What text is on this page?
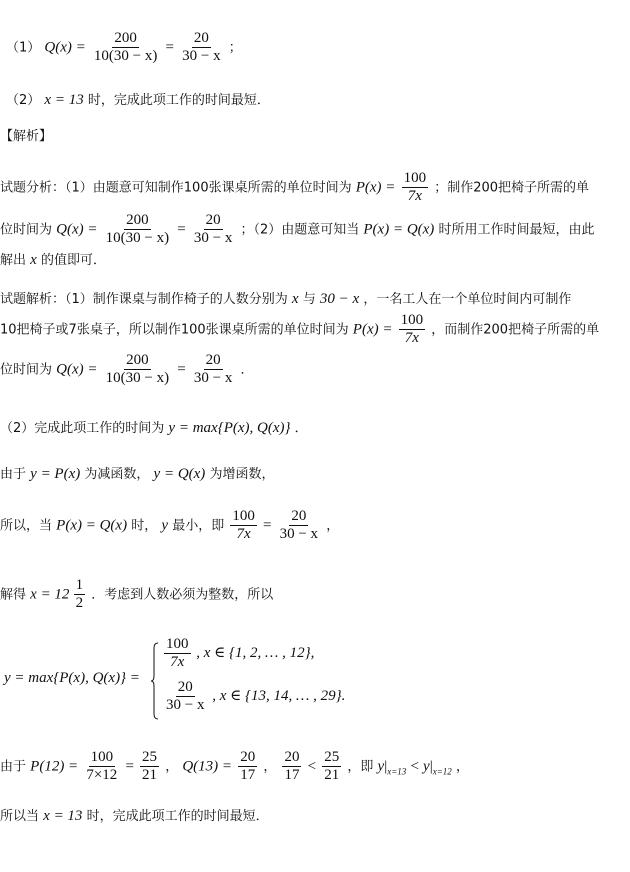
（1） $Q(x) = \frac{200}{10(30 - x)} = \frac{20}{30 - x}$ ；
（2） x = 13 时，完成此项工作的时间最短．
【解析】
试题分析：（1）由题意可知制作100张课桌所需的单位时间为 $P(x) = \frac{100}{7x}$ ；制作200把椅子所需的单
位时间为 $Q(x) = \frac{200}{10(30 - x)} = \frac{20}{30 - x}$ ；（2）由题意可知当 P(x) = Q(x) 时所用工作时间最短，由此
解出 x 的值即可．
试题解析：（1）制作课桌与制作椅子的人数分别为 x 与 30 − x ，一名工人在一个单位时间内可制作
10把椅子或7张桌子，所以制作100张课桌所需的单位时间为 $P(x) = \frac{100}{7x}$ ，而制作200把椅子所需的单
位时间为 $Q(x) = \frac{200}{10(30 - x)} = \frac{20}{30 - x}$ ．
（2）完成此项工作的时间为 y = max{P(x), Q(x)} ．
由于 y = P(x) 为减函数， y = Q(x) 为增函数，
所以，当 P(x) = Q(x) 时， y 最小，即 $\frac{100}{7x} = \frac{20}{30 - x}$ ，
解得 $x = 12 \frac{1}{2}$ ．考虑到人数必须为整数，所以
y = max{P(x), Q(x)} =
$\frac{100}{7x}$ , x ∈ {1, 2, … , 12},
$\frac{20}{30 - x}$ , x ∈ {13, 14, … , 29}.
由于 $P(12) = \frac{100}{7\times 12} = \frac{25}{21}$ ， $Q(13) = \frac{20}{17}$ ， $\frac{20}{17} < \frac{25}{21}$ ，即 $y|_{x=13} < y|_{x=12}$ ，
所以当 x = 13 时，完成此项工作的时间最短．
